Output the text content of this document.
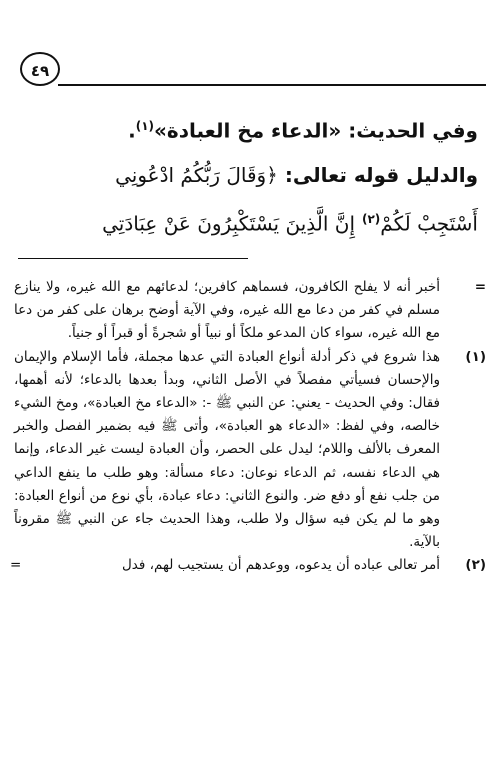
٤٩
وفي الحديث: «الدعاء مخ العبادة»$^{(١)}$.
والدليل قوله تعالى: ﴿وَقَالَ رَبُّكُمُ ادْعُونِي
أَسْتَجِبْ لَكُمْ$^{(٢)}$ إِنَّ الَّذِينَ يَسْتَكْبِرُونَ عَنْ عِبَادَتِي
=

أخبر أنه لا يفلح الكافرون، فسماهم كافرين؛ لدعائهم مع الله غيره، ولا ينازع مسلم في كفر من دعا مع الله غيره، وفي الآية أوضح برهان على كفر من دعا مع الله غيره، سواء كان المدعو ملكاً أو نبياً أو شجرةً أو قبراً أو جنياً.

(١)

هذا شروع في ذكر أدلة أنواع العبادة التي عدها مجملة، فأما الإسلام والإيمان والإحسان فسيأتي مفصلاً في الأصل الثاني، وبدأ بعدها بالدعاء؛ لأنه أهمها، فقال: وفي الحديث - يعني: عن النبي ﷺ -: «الدعاء مخ العبادة»، ومخ الشيء خالصه، وفي لفظ: «الدعاء هو العبادة»، وأتى ﷺ فيه بضمير الفصل والخبر المعرف بالألف واللام؛ ليدل على الحصر، وأن العبادة ليست غير الدعاء، وإنما هي الدعاء نفسه، ثم الدعاء نوعان: دعاء مسألة: وهو طلب ما ينفع الداعي من جلب نفع أو دفع ضر. والنوع الثاني: دعاء عبادة، بأي نوع من أنواع العبادة: وهو ما لم يكن فيه سؤال ولا طلب، وهذا الحديث جاء عن النبي ﷺ مقروناً بالآية.

(٢)

أمر تعالى عباده أن يدعوه، ووعدهم أن يستجيب لهم، فدل

=
